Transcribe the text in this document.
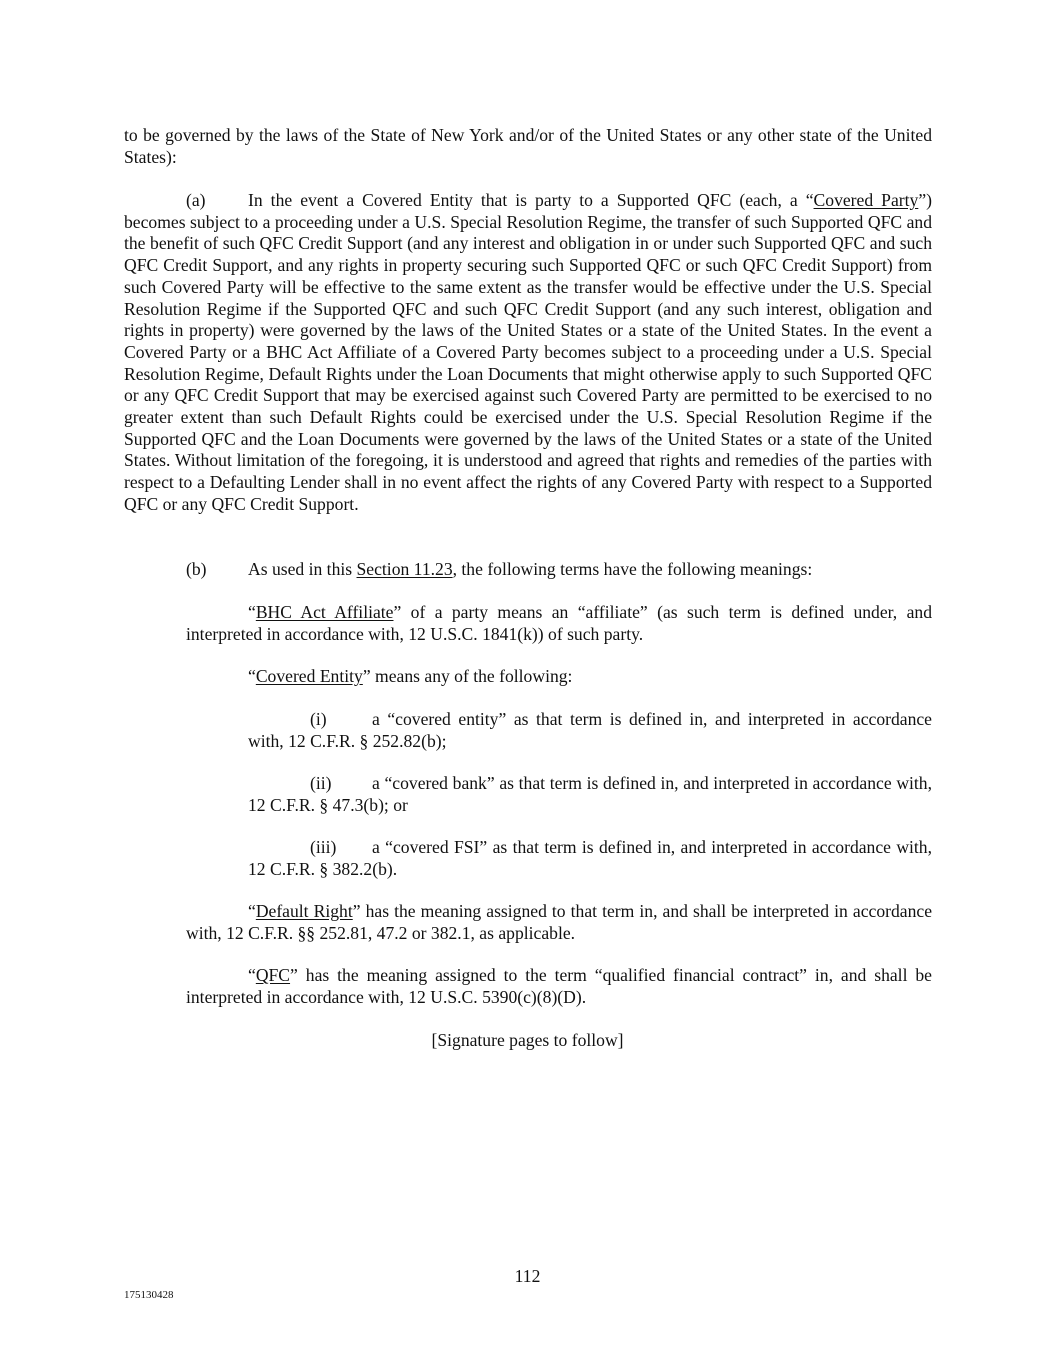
to be governed by the laws of the State of New York and/or of the United States or any other state of the United States):
(a) In the event a Covered Entity that is party to a Supported QFC (each, a “Covered Party”) becomes subject to a proceeding under a U.S. Special Resolution Regime, the transfer of such Supported QFC and the benefit of such QFC Credit Support (and any interest and obligation in or under such Supported QFC and such QFC Credit Support, and any rights in property securing such Supported QFC or such QFC Credit Support) from such Covered Party will be effective to the same extent as the transfer would be effective under the U.S. Special Resolution Regime if the Supported QFC and such QFC Credit Support (and any such interest, obligation and rights in property) were governed by the laws of the United States or a state of the United States. In the event a Covered Party or a BHC Act Affiliate of a Covered Party becomes subject to a proceeding under a U.S. Special Resolution Regime, Default Rights under the Loan Documents that might otherwise apply to such Supported QFC or any QFC Credit Support that may be exercised against such Covered Party are permitted to be exercised to no greater extent than such Default Rights could be exercised under the U.S. Special Resolution Regime if the Supported QFC and the Loan Documents were governed by the laws of the United States or a state of the United States. Without limitation of the foregoing, it is understood and agreed that rights and remedies of the parties with respect to a Defaulting Lender shall in no event affect the rights of any Covered Party with respect to a Supported QFC or any QFC Credit Support.
(b) As used in this Section 11.23, the following terms have the following meanings:
“BHC Act Affiliate” of a party means an “affiliate” (as such term is defined under, and interpreted in accordance with, 12 U.S.C. 1841(k)) of such party.
“Covered Entity” means any of the following:
(i)	a “covered entity” as that term is defined in, and interpreted in accordance with, 12 C.F.R. § 252.82(b);
(ii) a “covered bank” as that term is defined in, and interpreted in accordance with, 12 C.F.R. § 47.3(b); or
(iii) a “covered FSI” as that term is defined in, and interpreted in accordance with, 12 C.F.R. § 382.2(b).
“Default Right” has the meaning assigned to that term in, and shall be interpreted in accordance with, 12 C.F.R. §§ 252.81, 47.2 or 382.1, as applicable.
“QFC” has the meaning assigned to the term “qualified financial contract” in, and shall be interpreted in accordance with, 12 U.S.C. 5390(c)(8)(D).
[Signature pages to follow]
112
175130428
